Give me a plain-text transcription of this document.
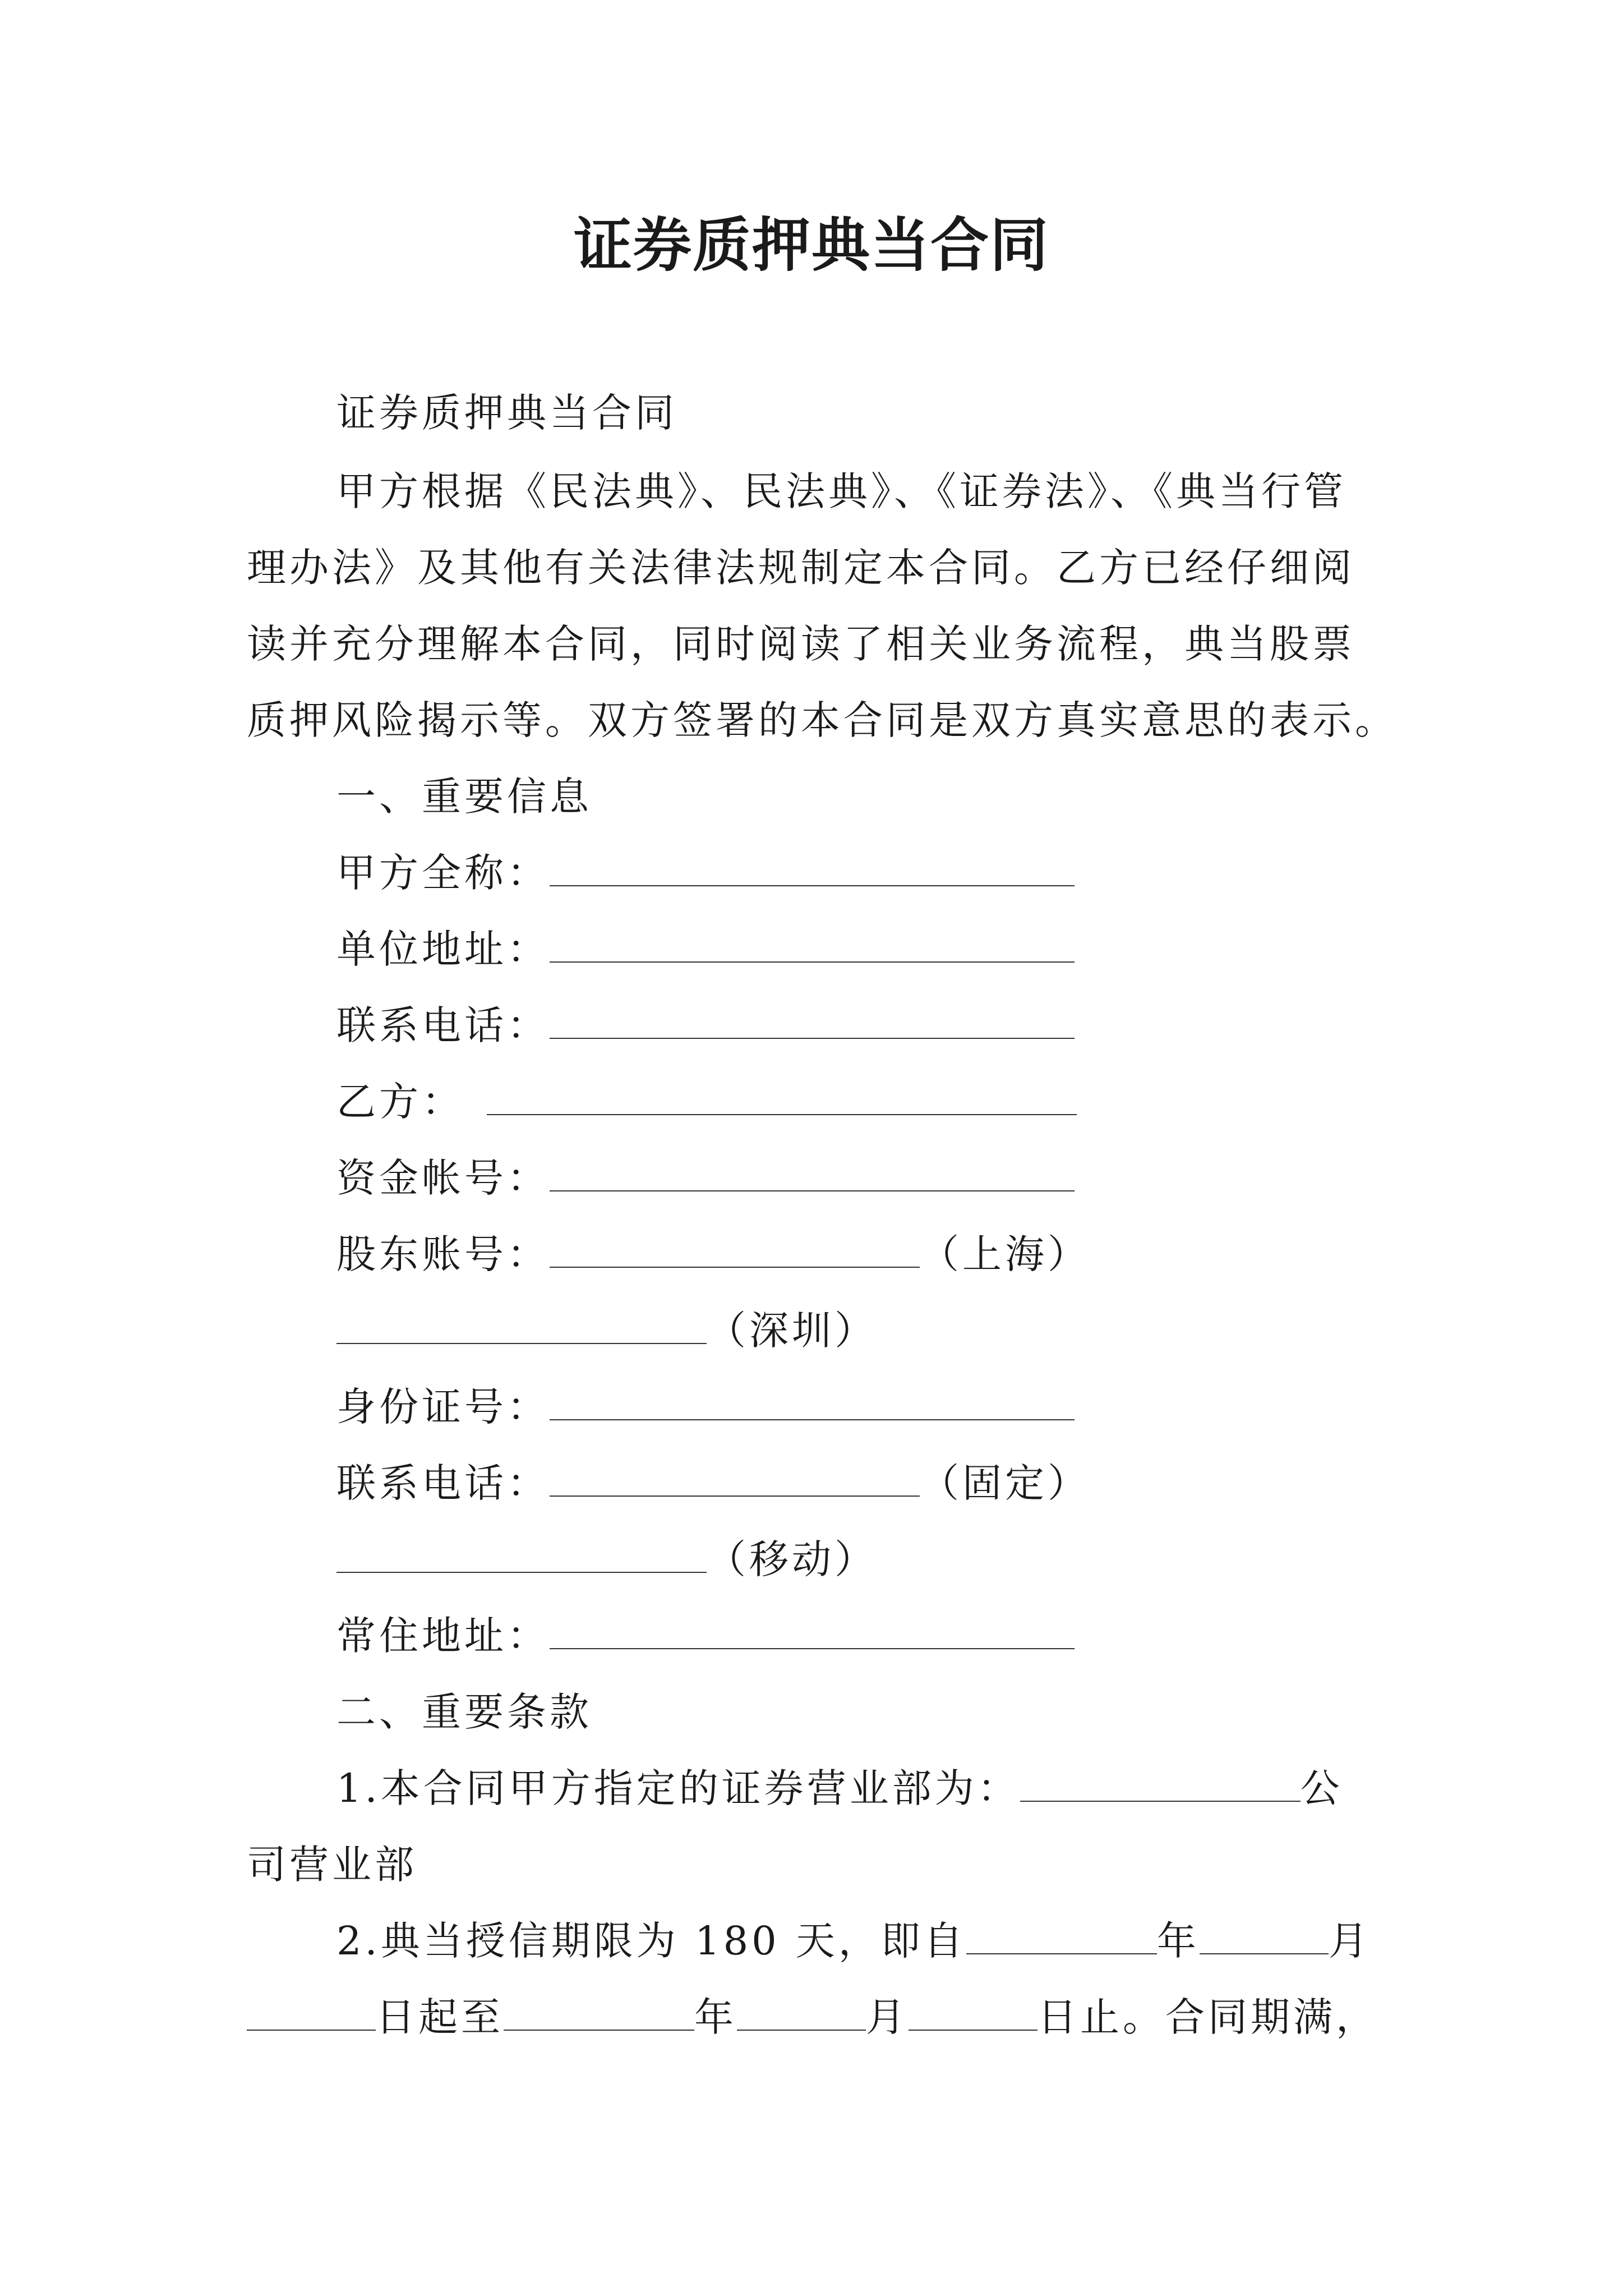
证券质押典当合同
证券质押典当合同
甲方根据《民法典》、民法典》、《证券法》、《典当行管
理办法》及其他有关法律法规制定本合同。乙方已经仔细阅
读并充分理解本合同，同时阅读了相关业务流程，典当股票
质押风险揭示等。双方签署的本合同是双方真实意思的表示。
一、重要信息
甲方全称：
单位地址：
联系电话：
乙方：
资金帐号：
股东账号：	（上海）
（深圳）
身份证号：
联系电话：	（固定）
（移动）
常住地址：
二、重要条款
1.本合同甲方指定的证券营业部为：	公
司营业部
2.典当授信期限为 180 天，即自	年	月
日起至	年	月	日止。合同期满，
